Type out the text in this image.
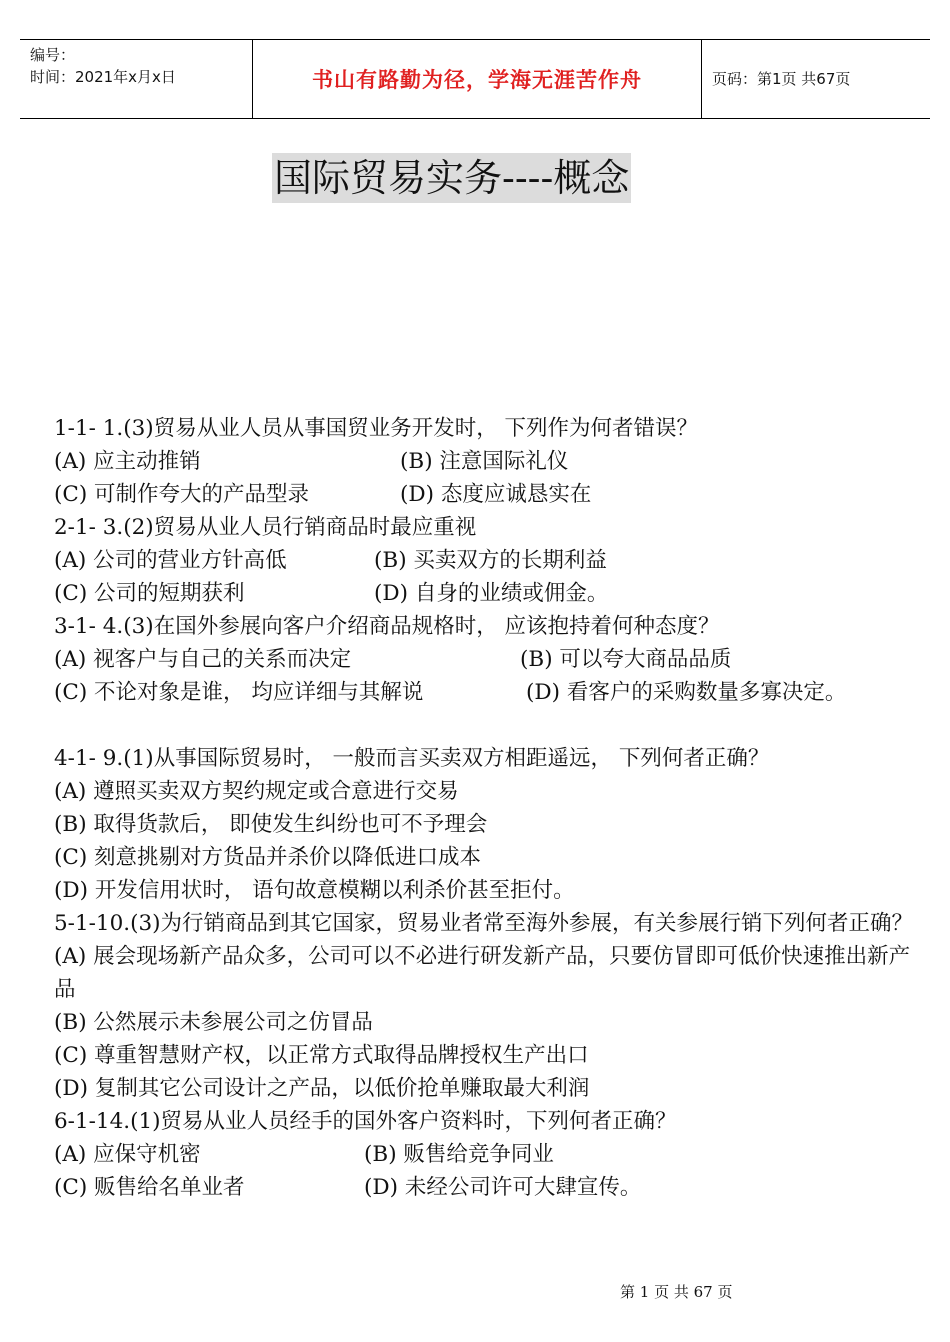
编号：
时间：2021年x月x日	书山有路勤为径，学海无涯苦作舟	页码：第1页 共67页
国际贸易实务----概念
1-1- 1.(3)贸易从业人员从事国贸业务开发时， 下列作为何者错误？
(A) 应主动推销	(B) 注意国际礼仪
(C) 可制作夸大的产品型录	(D) 态度应诚恳实在
2-1- 3.(2)贸易从业人员行销商品时最应重视
(A) 公司的营业方针高低	(B) 买卖双方的长期利益
(C) 公司的短期获利	(D) 自身的业绩或佣金。
3-1- 4.(3)在国外参展向客户介绍商品规格时， 应该抱持着何种态度？
(A) 视客户与自己的关系而决定	(B) 可以夸大商品品质
(C) 不论对象是谁， 均应详细与其解说	(D) 看客户的采购数量多寡决定。
4-1- 9.(1)从事国际贸易时， 一般而言买卖双方相距遥远， 下列何者正确？
(A) 遵照买卖双方契约规定或合意进行交易
(B) 取得货款后， 即使发生纠纷也可不予理会
(C) 刻意挑剔对方货品并杀价以降低进口成本
(D) 开发信用状时， 语句故意模糊以利杀价甚至拒付。
5-1-10.(3)为行销商品到其它国家，贸易业者常至海外参展，有关参展行销下列何者正确？
(A) 展会现场新产品众多，公司可以不必进行研发新产品，只要仿冒即可低价快速推出新产品
(B) 公然展示未参展公司之仿冒品
(C) 尊重智慧财产权，以正常方式取得品牌授权生产出口
(D) 复制其它公司设计之产品，以低价抢单赚取最大利润
6-1-14.(1)贸易从业人员经手的国外客户资料时，下列何者正确？
(A) 应保守机密	(B) 贩售给竞争同业
(C) 贩售给名单业者	(D) 未经公司许可大肆宣传。
第 1 页 共 67 页
